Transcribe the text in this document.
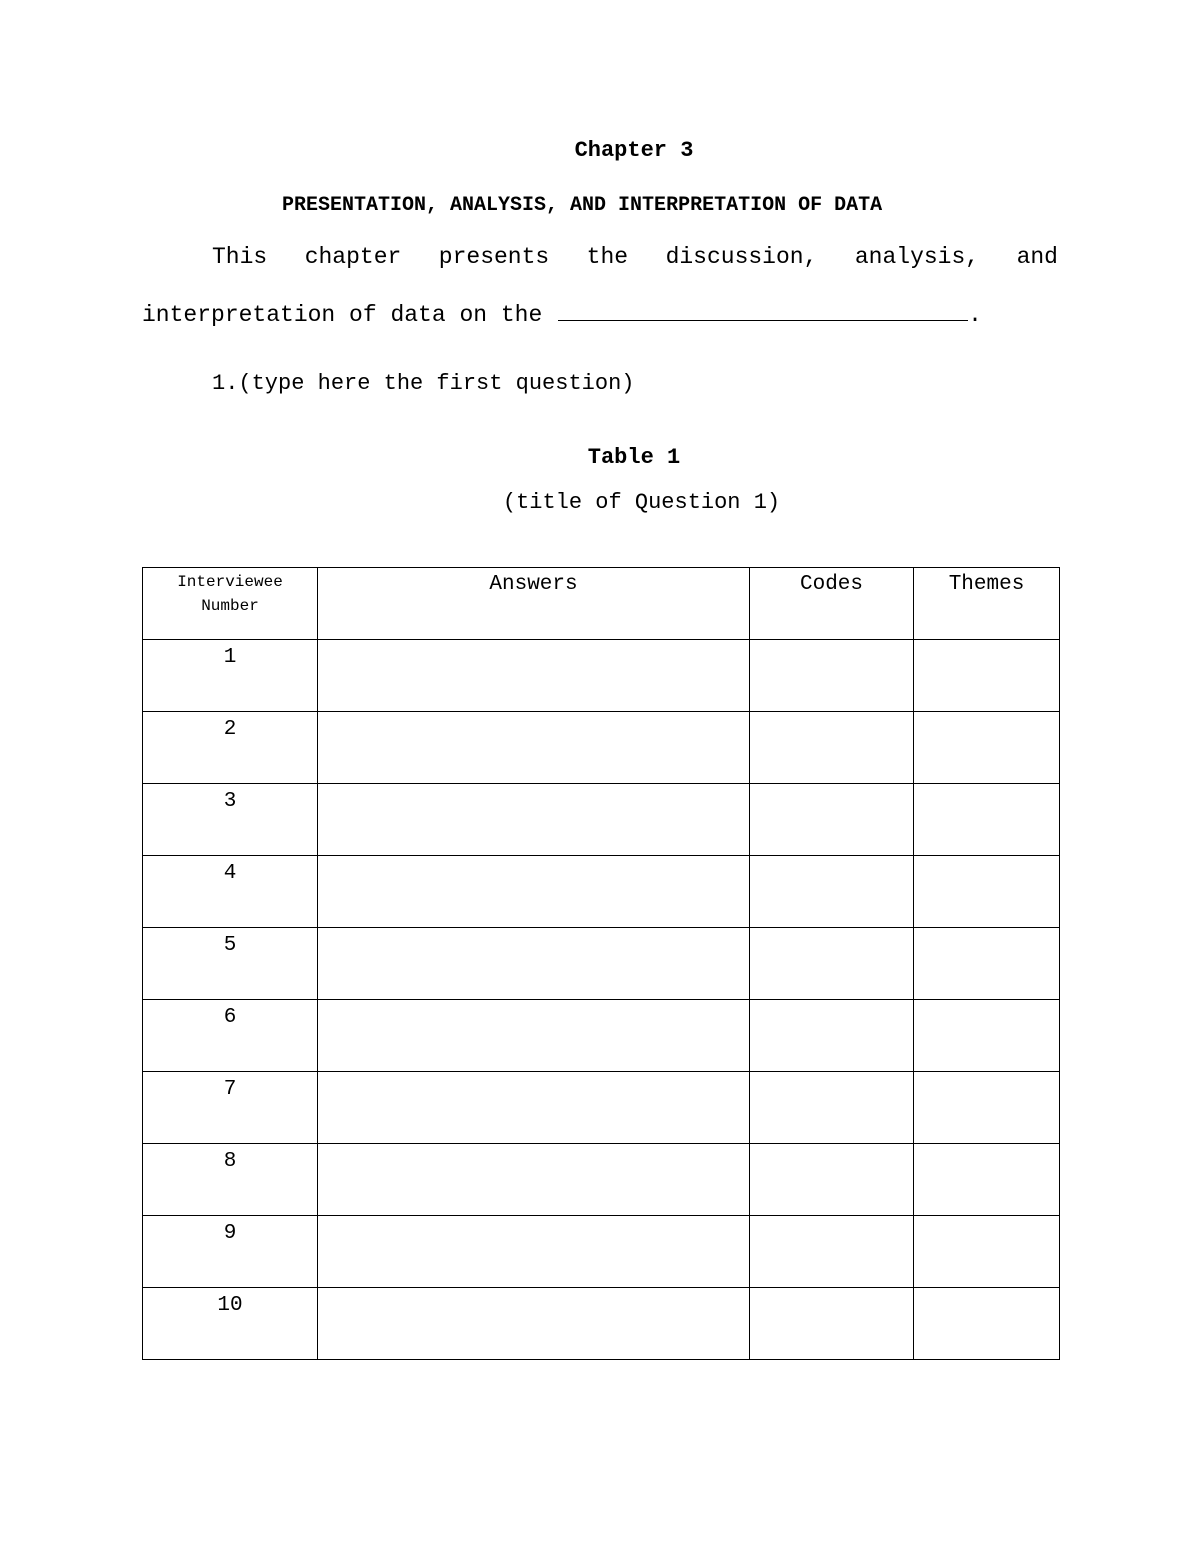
Chapter 3
PRESENTATION, ANALYSIS, AND INTERPRETATION OF DATA
This chapter presents the discussion, analysis, and
interpretation of data on the	.
1.(type here the first question)
Table 1
(title of Question 1)
Interviewee
Number	Answers	Codes	Themes
1			
2			
3			
4			
5			
6			
7			
8			
9			
10			
